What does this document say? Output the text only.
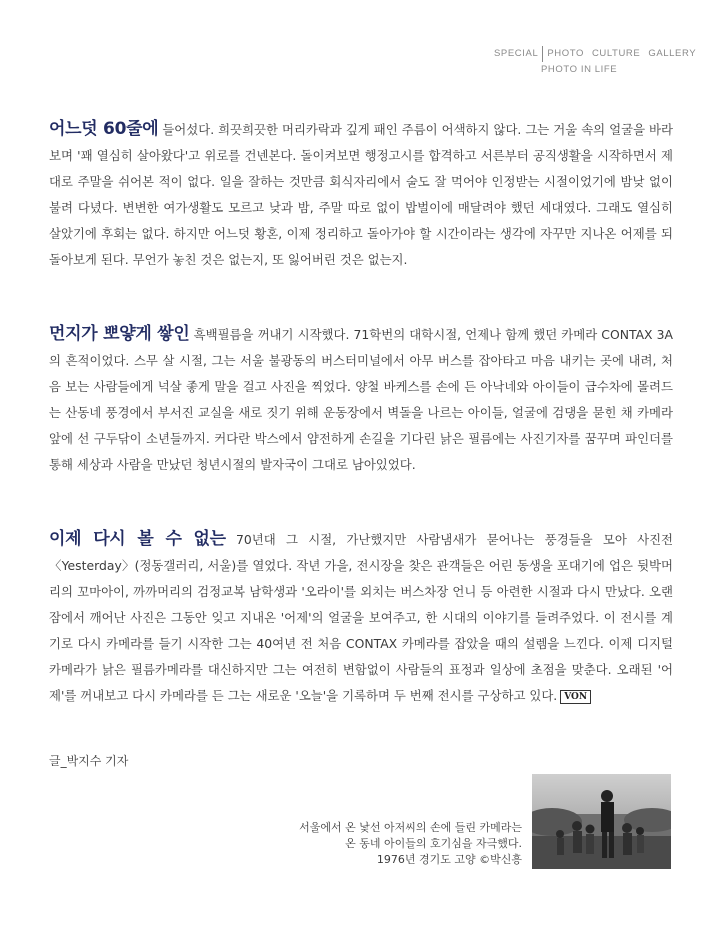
SPECIAL PHOTO CULTURE GALLERY
PHOTO IN LIFE

어느덧 60줄에 들어섰다. 희끗희끗한 머리카락과 깊게 패인 주름이 어색하지 않다. 그는 거울 속의 얼굴을 바라보며 '꽤 열심히 살아왔다'고 위로를 건넨본다. 돌이켜보면 행정고시를 합격하고 서른부터 공직생활을 시작하면서 제대로 주말을 쉬어본 적이 없다. 일을 잘하는 것만큼 회식자리에서 술도 잘 먹어야 인정받는 시절이었기에 밤낮 없이 불려 다녔다. 변변한 여가생활도 모르고 낮과 밤, 주말 따로 없이 밥벌이에 매달려야 했던 세대였다. 그래도 열심히 살았기에 후회는 없다. 하지만 어느덧 황혼, 이제 정리하고 돌아가야 할 시간이라는 생각에 자꾸만 지나온 어제를 되돌아보게 된다. 무언가 놓친 것은 없는지, 또 잃어버린 것은 없는지.

먼지가 뽀얗게 쌓인 흑백필름을 꺼내기 시작했다. 71학번의 대학시절, 언제나 함께 했던 카메라 CONTAX 3A의 흔적이었다. 스무 살 시절, 그는 서울 불광동의 버스터미널에서 아무 버스를 잡아타고 마음 내키는 곳에 내려, 처음 보는 사람들에게 넉살 좋게 말을 걸고 사진을 찍었다. 양철 바케스를 손에 든 아낙네와 아이들이 급수차에 몰려드는 산동네 풍경에서 부서진 교실을 새로 짓기 위해 운동장에서 벽돌을 나르는 아이들, 얼굴에 검댕을 묻힌 채 카메라 앞에 선 구두닦이 소년들까지. 커다란 박스에서 얌전하게 손길을 기다린 낡은 필름에는 사진기자를 꿈꾸며 파인더를 통해 세상과 사람을 만났던 청년시절의 발자국이 그대로 남아있었다.

이제 다시 볼 수 없는 70년대 그 시절, 가난했지만 사람냄새가 묻어나는 풍경들을 모아 사진전 〈Yesterday〉(정동갤러리, 서울)를 열었다. 작년 가을, 전시장을 찾은 관객들은 어린 동생을 포대기에 업은 뒷박머리의 꼬마아이, 까까머리의 검정교복 남학생과 '오라이'를 외치는 버스차장 언니 등 아련한 시절과 다시 만났다. 오랜 잠에서 깨어난 사진은 그동안 잊고 지내온 '어제'의 얼굴을 보여주고, 한 시대의 이야기를 들려주었다. 이 전시를 계기로 다시 카메라를 들기 시작한 그는 40여년 전 처음 CONTAX 카메라를 잡았을 때의 설렘을 느낀다. 이제 디지털카메라가 낡은 필름카메라를 대신하지만 그는 여전히 변함없이 사람들의 표정과 일상에 초점을 맞춘다. 오래된 '어제'를 꺼내보고 다시 카메라를 든 그는 새로운 '오늘'을 기록하며 두 번째 전시를 구상하고 있다. VON

글_박지수 기자
서울에서 온 낯선 아저씨의 손에 들린 카메라는
온 동네 아이들의 호기심을 자극했다.
1976년 경기도 고양 ©박신흥
